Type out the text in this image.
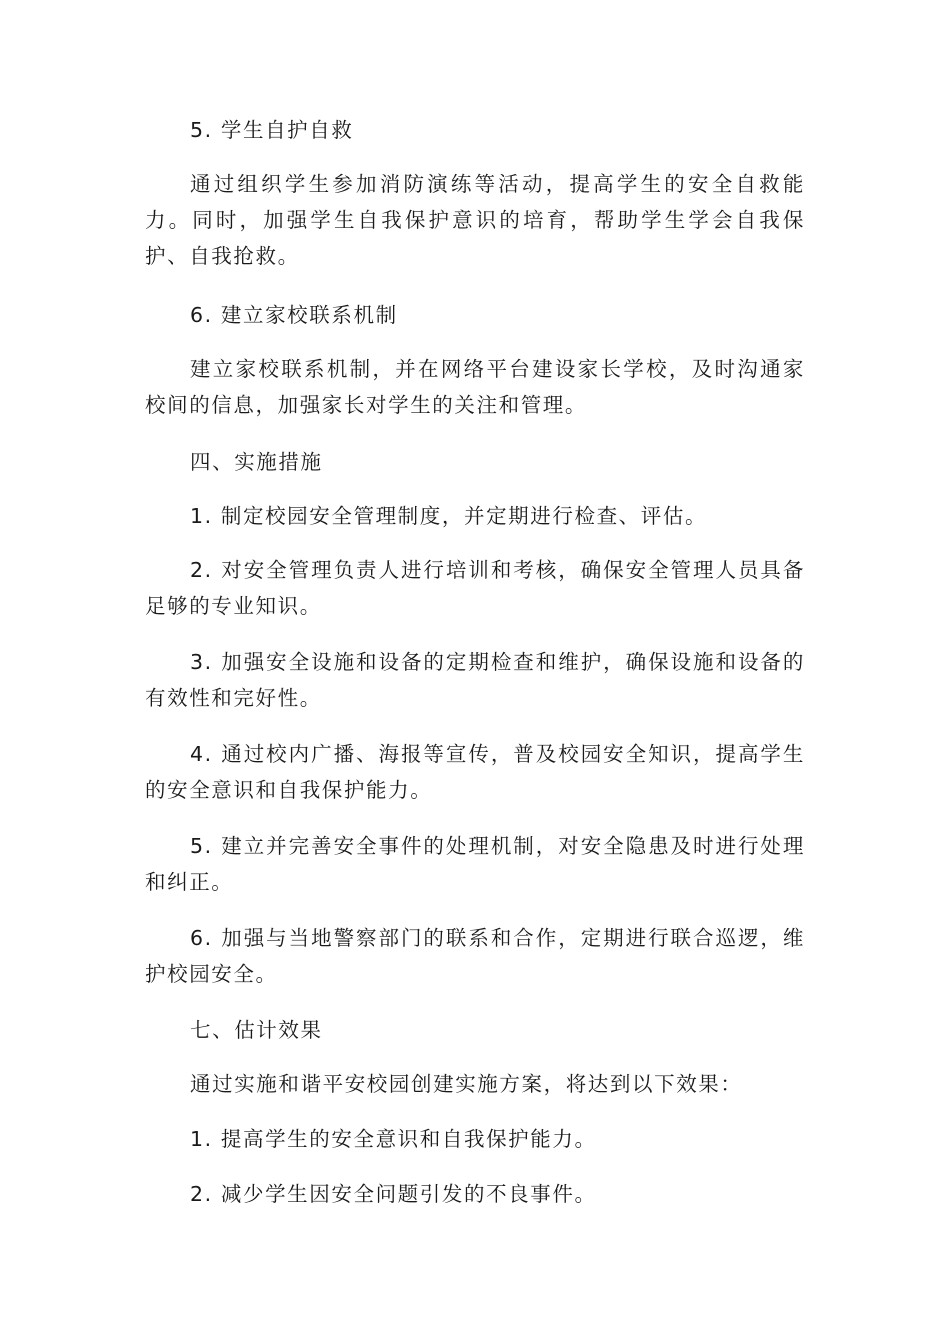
5. 学生自护自救

通过组织学生参加消防演练等活动，提高学生的安全自救能力。同时，加强学生自我保护意识的培育，帮助学生学会自我保护、自我抢救。

6. 建立家校联系机制

建立家校联系机制，并在网络平台建设家长学校，及时沟通家校间的信息，加强家长对学生的关注和管理。

四、实施措施

1. 制定校园安全管理制度，并定期进行检查、评估。

2. 对安全管理负责人进行培训和考核，确保安全管理人员具备足够的专业知识。

3. 加强安全设施和设备的定期检查和维护，确保设施和设备的有效性和完好性。

4. 通过校内广播、海报等宣传，普及校园安全知识，提高学生的安全意识和自我保护能力。

5. 建立并完善安全事件的处理机制，对安全隐患及时进行处理和纠正。

6. 加强与当地警察部门的联系和合作，定期进行联合巡逻，维护校园安全。

七、估计效果

通过实施和谐平安校园创建实施方案，将达到以下效果：

1. 提高学生的安全意识和自我保护能力。

2. 减少学生因安全问题引发的不良事件。
